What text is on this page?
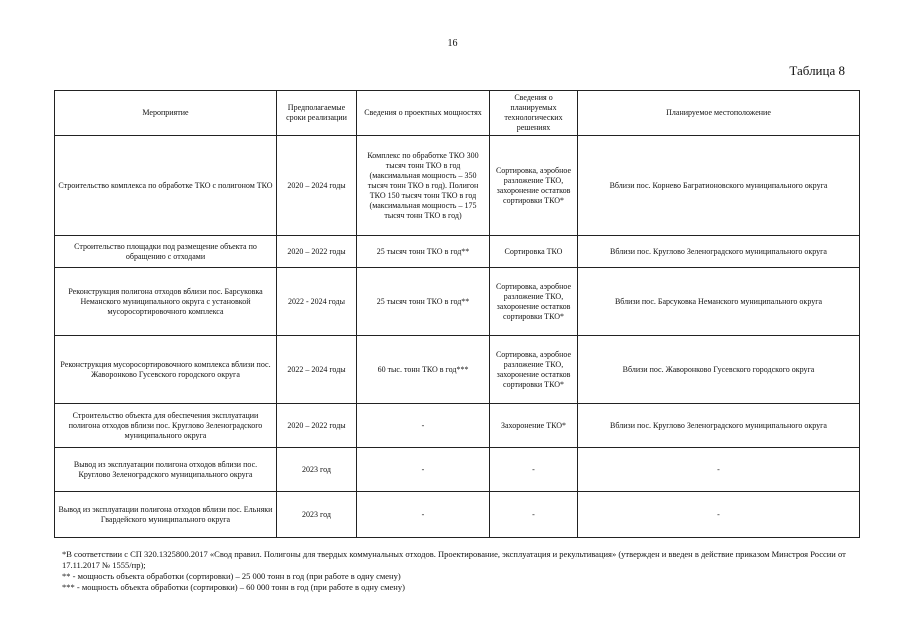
16
Таблица 8
Мероприятие	Предполагаемые сроки реализации	Сведения о проектных мощностях	Сведения о планируемых технологических решениях	Планируемое местоположение
Строительство комплекса по обработке ТКО с полигоном ТКО	2020 – 2024 годы	Комплекс по обработке ТКО 300 тысяч тонн ТКО в год (максимальная мощность – 350 тысяч тонн ТКО в год). Полигон ТКО 150 тысяч тонн ТКО в год (максимальная мощность – 175 тысяч тонн ТКО в год)	Сортировка, аэробное разложение ТКО, захоронение остатков сортировки ТКО*	Вблизи пос. Корнево Багратионовского муниципального округа
Строительство площадки под размещение объекта по обращению с отходами	2020 – 2022 годы	25 тысяч тонн ТКО в год**	Сортировка ТКО	Вблизи пос. Круглово Зеленоградского муниципального округа
Реконструкция полигона отходов вблизи пос. Барсуковка Неманского муниципального округа с установкой мусоросортировочного комплекса	2022 - 2024 годы	25 тысяч тонн ТКО в год**	Сортировка, аэробное разложение ТКО, захоронение остатков сортировки ТКО*	Вблизи пос. Барсуковка Неманского муниципального округа
Реконструкция мусоросортировочного комплекса вблизи пос. Жаворонково Гусевского городского округа	2022 – 2024 годы	60 тыс. тонн ТКО в год***	Сортировка, аэробное разложение ТКО, захоронение остатков сортировки ТКО*	Вблизи пос. Жаворонково Гусевского городского округа
Строительство объекта для обеспечения эксплуатации полигона отходов вблизи пос. Круглово Зеленоградского муниципального округа	2020 – 2022 годы	-	Захоронение ТКО*	Вблизи пос. Круглово Зеленоградского муниципального округа
Вывод из эксплуатации полигона отходов вблизи пос. Круглово Зеленоградского муниципального округа	2023 год	-	-	-
Вывод из эксплуатации полигона отходов вблизи пос. Ельняки Гвардейского муниципального округа	2023 год	-	-	-
*В соответствии с СП 320.1325800.2017 «Свод правил. Полигоны для твердых коммунальных отходов. Проектирование, эксплуатация и рекультивация» (утвержден и введен в действие приказом Минстроя России от 17.11.2017 № 1555/пр);
** - мощность объекта обработки (сортировки) – 25 000 тонн в год (при работе в одну смену)
*** - мощность объекта обработки (сортировки) – 60 000 тонн в год (при работе в одну смену)
